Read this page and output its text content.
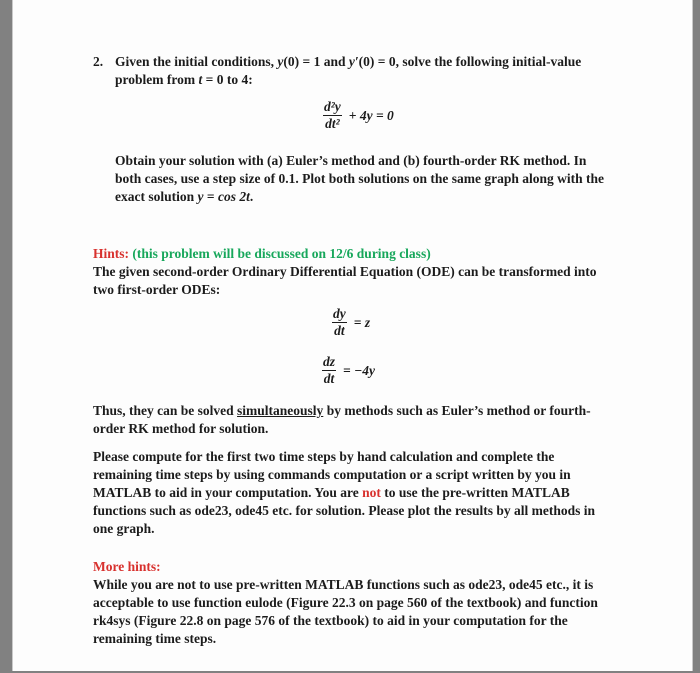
2. Given the initial conditions, y(0) = 1 and y′(0) = 0, solve the following initial-value
problem from t = 0 to 4:
$\frac{\text{d²y}}{\text{dt²}} + 4y = 0$
Obtain your solution with (a) Euler’s method and (b) fourth-order RK method. In
both cases, use a step size of 0.1. Plot both solutions on the same graph along with the
exact solution y = cos 2t.
Hints: (this problem will be discussed on 12/6 during class)
The given second-order Ordinary Differential Equation (ODE) can be transformed into
two first-order ODEs:
$\frac{dy}{dt} = z$
$\frac{dz}{dt} = -4y$
Thus, they can be solved simultaneously by methods such as Euler’s method or fourth-
order RK method for solution.
Please compute for the first two time steps by hand calculation and complete the
remaining time steps by using commands computation or a script written by you in
MATLAB to aid in your computation. You are not to use the pre-written MATLAB
functions such as ode23, ode45 etc. for solution. Please plot the results by all methods in
one graph.
More hints:
While you are not to use pre-written MATLAB functions such as ode23, ode45 etc., it is
acceptable to use function eulode (Figure 22.3 on page 560 of the textbook) and function
rk4sys (Figure 22.8 on page 576 of the textbook) to aid in your computation for the
remaining time steps.
